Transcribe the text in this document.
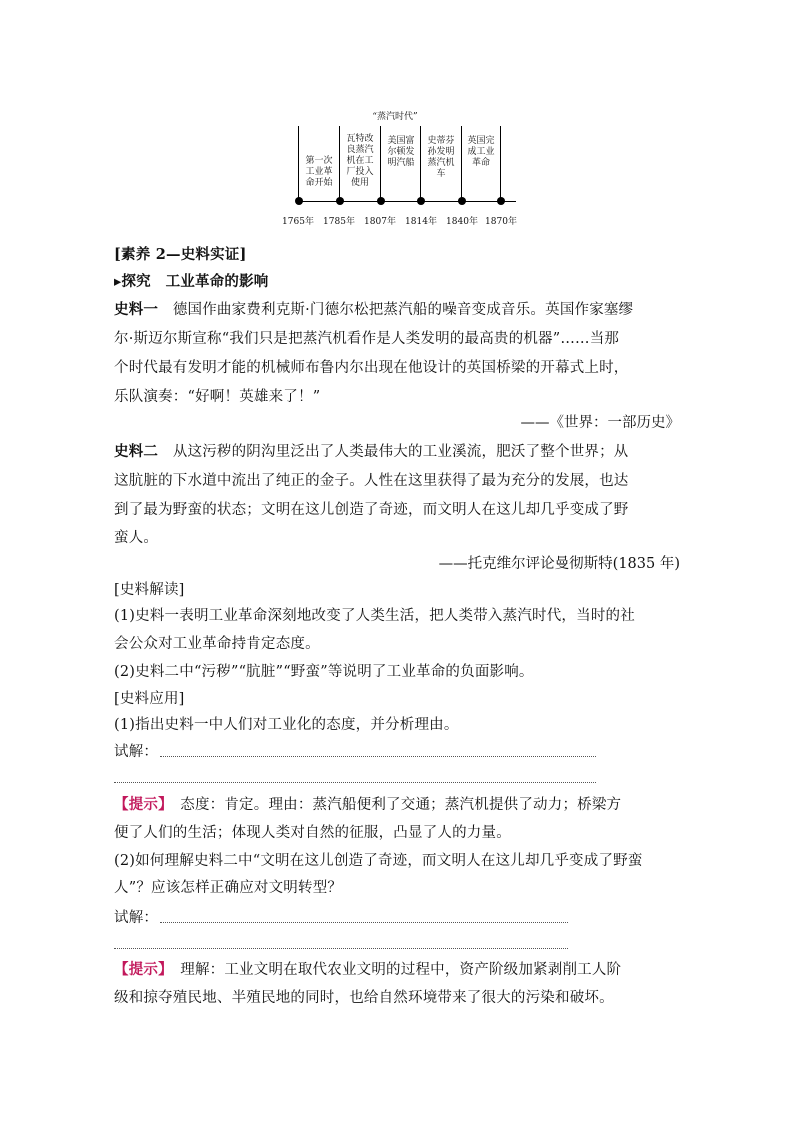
“蒸汽时代”
第一次
工业革
命开始
瓦特改
良蒸汽
机在工
厂投入
使用
美国富
尔顿发
明汽船
史蒂芬
孙发明
蒸汽机
车
英国完
成工业
革命
1765年	1785年	1807年	1814年	1840年 1870年
[素养 2—史料实证]
▸探究　工业革命的影响
史料一　 德国作曲家费利克斯·门德尔松把蒸汽船的噪音变成音乐。英国作家塞缪
尔·斯迈尔斯宣称“我们只是把蒸汽机看作是人类发明的最高贵的机器”……当那
个时代最有发明才能的机械师布鲁内尔出现在他设计的英国桥梁的开幕式上时，
乐队演奏：“好啊！英雄来了！”
——《世界：一部历史》
史料二　 从这污秽的阴沟里泛出了人类最伟大的工业溪流，肥沃了整个世界；从
这肮脏的下水道中流出了纯正的金子。人性在这里获得了最为充分的发展，也达
到了最为野蛮的状态；文明在这儿创造了奇迹，而文明人在这儿却几乎变成了野
蛮人。
——托克维尔评论曼彻斯特(1835 年)
[史料解读]
(1)史料一表明工业革命深刻地改变了人类生活，把人类带入蒸汽时代，当时的社
会公众对工业革命持肯定态度。
(2)史料二中“污秽”“肮脏”“野蛮”等说明了工业革命的负面影响。
[史料应用]
(1)指出史料一中人们对工业化的态度，并分析理由。
试解：
【提示】　态度：肯定。理由：蒸汽船便利了交通；蒸汽机提供了动力；桥梁方
便了人们的生活；体现人类对自然的征服，凸显了人的力量。
(2)如何理解史料二中“文明在这儿创造了奇迹，而文明人在这儿却几乎变成了野蛮
人”？应该怎样正确应对文明转型？
试解：
【提示】　理解：工业文明在取代农业文明的过程中，资产阶级加紧剥削工人阶
级和掠夺殖民地、半殖民地的同时，也给自然环境带来了很大的污染和破坏。
